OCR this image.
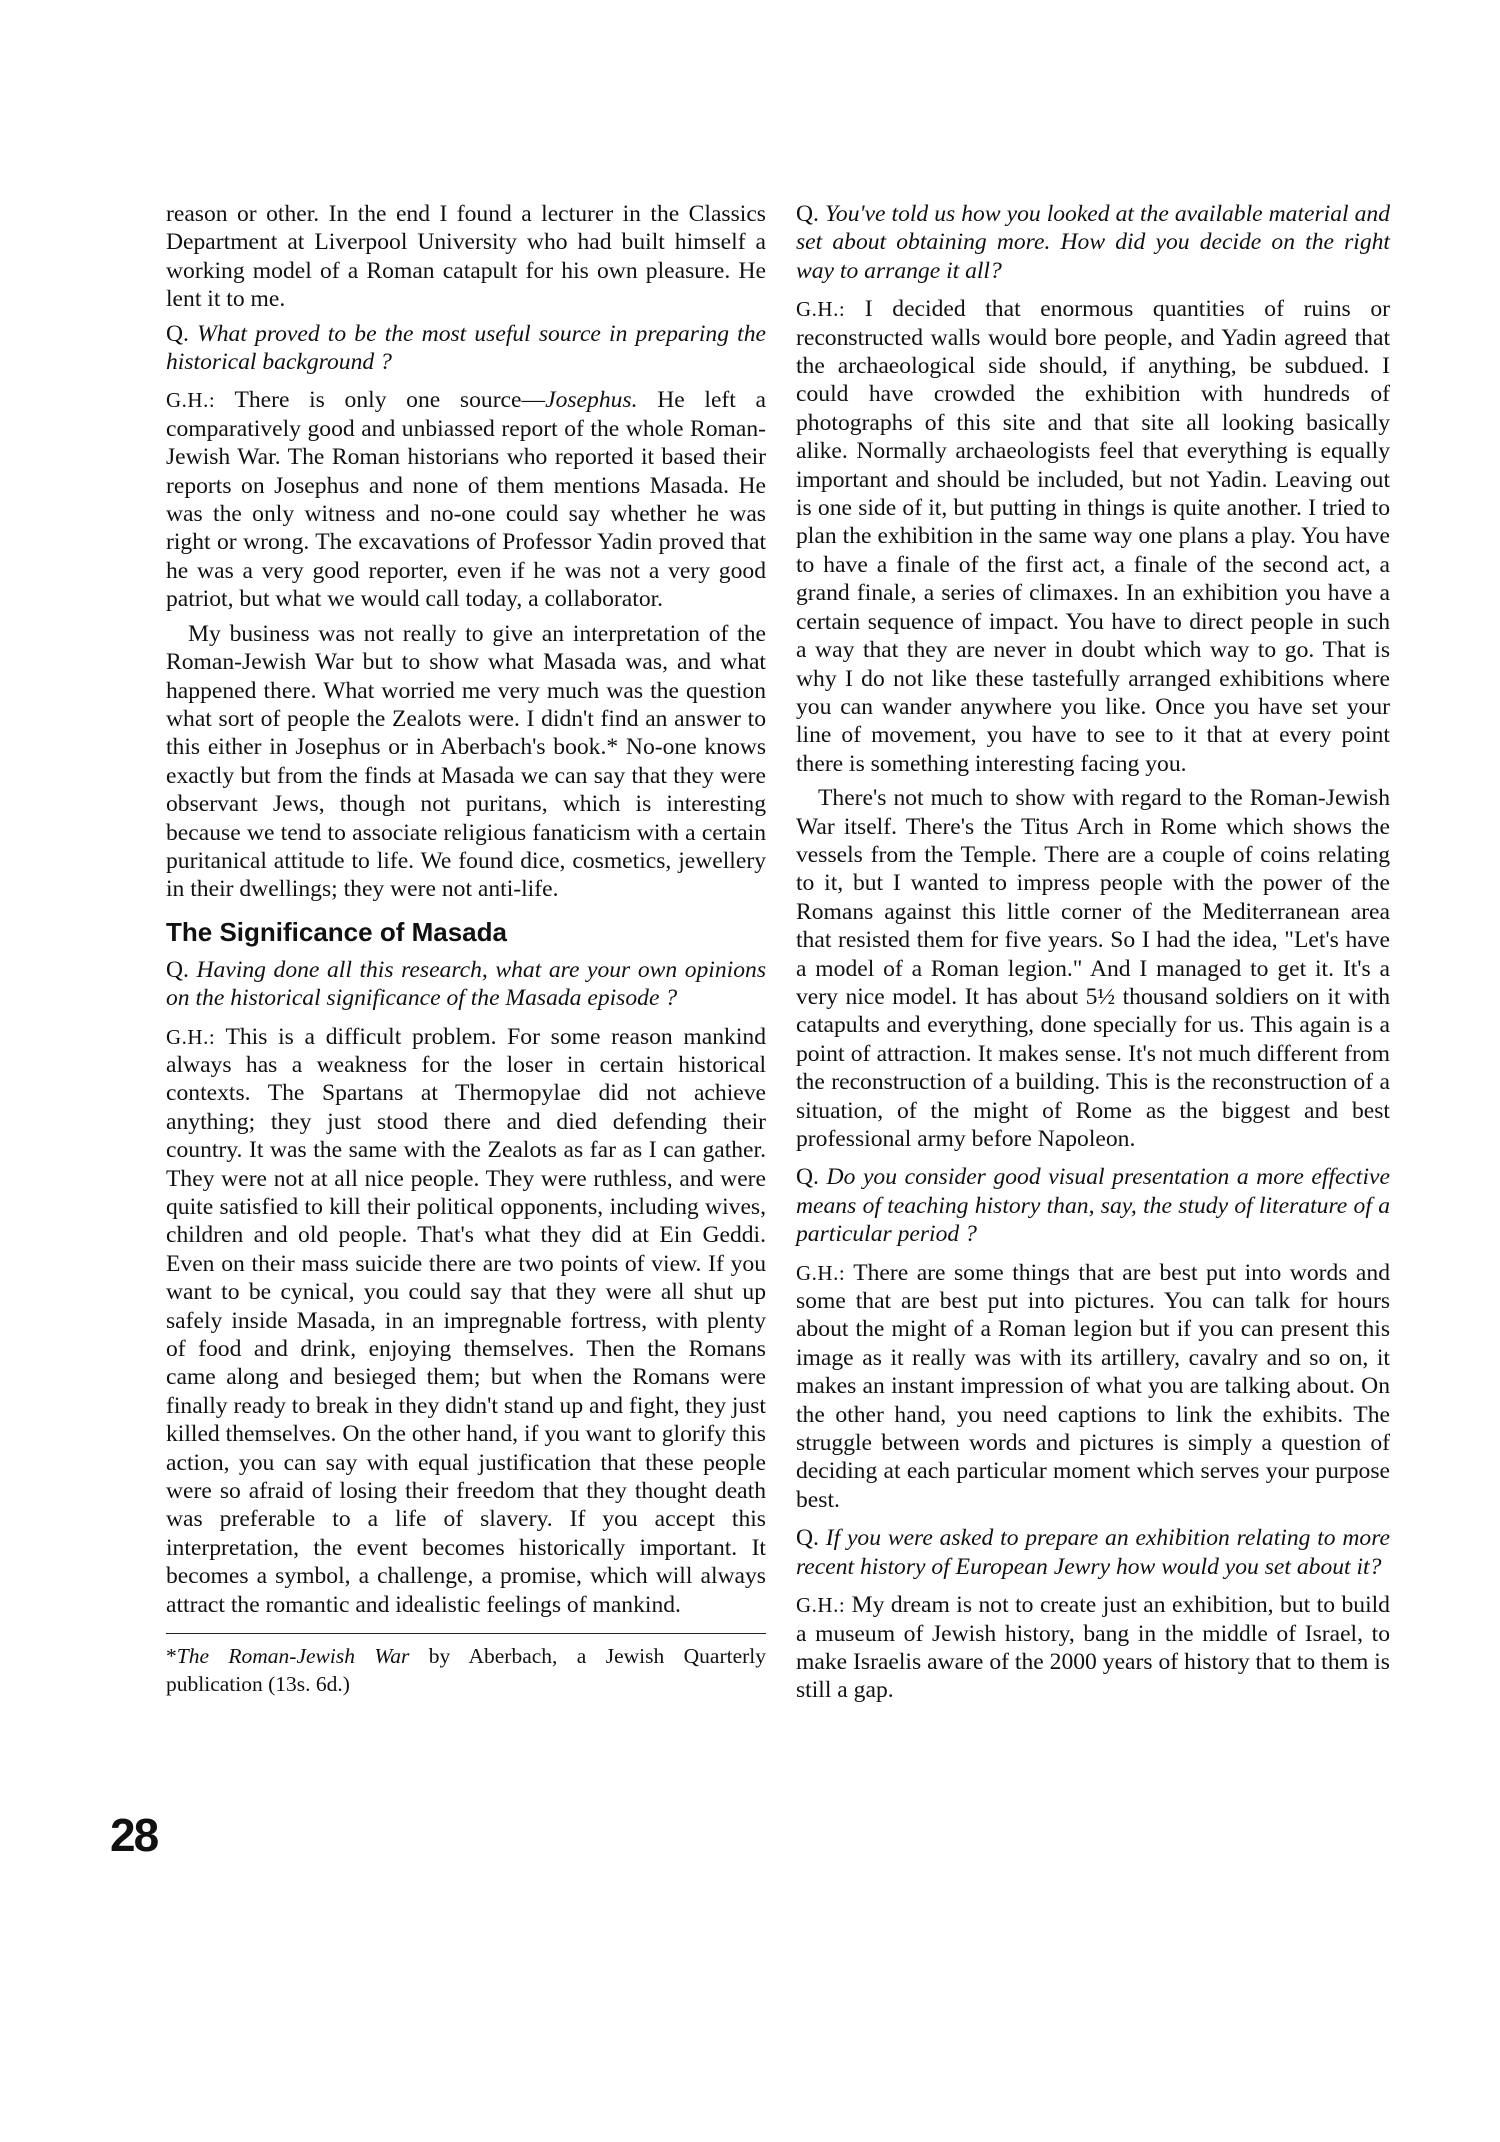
28

reason or other. In the end I found a lecturer in the Classics Department at Liverpool University who had built himself a working model of a Roman catapult for his own pleasure. He lent it to me.

Q. What proved to be the most useful source in preparing the historical background ?

G.H.: There is only one source—Josephus. He left a comparatively good and unbiassed report of the whole Roman-Jewish War. The Roman historians who reported it based their reports on Josephus and none of them mentions Masada. He was the only witness and no-one could say whether he was right or wrong. The excavations of Professor Yadin proved that he was a very good reporter, even if he was not a very good patriot, but what we would call today, a collaborator.

My business was not really to give an interpretation of the Roman-Jewish War but to show what Masada was, and what happened there. What worried me very much was the question what sort of people the Zealots were. I didn't find an answer to this either in Josephus or in Aberbach's book.* No-one knows exactly but from the finds at Masada we can say that they were observant Jews, though not puritans, which is interesting because we tend to associate religious fanaticism with a certain puritanical attitude to life. We found dice, cosmetics, jewellery in their dwellings; they were not anti-life.

The Significance of Masada

Q. Having done all this research, what are your own opinions on the historical significance of the Masada episode ?

G.H.: This is a difficult problem. For some reason mankind always has a weakness for the loser in certain historical contexts. The Spartans at Thermopylae did not achieve anything; they just stood there and died defending their country. It was the same with the Zealots as far as I can gather. They were not at all nice people. They were ruthless, and were quite satisfied to kill their political opponents, including wives, children and old people. That's what they did at Ein Geddi. Even on their mass suicide there are two points of view. If you want to be cynical, you could say that they were all shut up safely inside Masada, in an impregnable fortress, with plenty of food and drink, enjoying themselves. Then the Romans came along and besieged them; but when the Romans were finally ready to break in they didn't stand up and fight, they just killed themselves. On the other hand, if you want to glorify this action, you can say with equal justification that these people were so afraid of losing their freedom that they thought death was preferable to a life of slavery. If you accept this interpretation, the event becomes historically important. It becomes a symbol, a challenge, a promise, which will always attract the romantic and idealistic feelings of mankind.

*The Roman-Jewish War by Aberbach, a Jewish Quarterly publication (13s. 6d.)

Q. You've told us how you looked at the available material and set about obtaining more. How did you decide on the right way to arrange it all?

G.H.: I decided that enormous quantities of ruins or reconstructed walls would bore people, and Yadin agreed that the archaeological side should, if anything, be subdued. I could have crowded the exhibition with hundreds of photographs of this site and that site all looking basically alike. Normally archaeologists feel that everything is equally important and should be included, but not Yadin. Leaving out is one side of it, but putting in things is quite another. I tried to plan the exhibition in the same way one plans a play. You have to have a finale of the first act, a finale of the second act, a grand finale, a series of climaxes. In an exhibition you have a certain sequence of impact. You have to direct people in such a way that they are never in doubt which way to go. That is why I do not like these tastefully arranged exhibitions where you can wander anywhere you like. Once you have set your line of movement, you have to see to it that at every point there is something interesting facing you.

There's not much to show with regard to the Roman-Jewish War itself. There's the Titus Arch in Rome which shows the vessels from the Temple. There are a couple of coins relating to it, but I wanted to impress people with the power of the Romans against this little corner of the Mediterranean area that resisted them for five years. So I had the idea, "Let's have a model of a Roman legion." And I managed to get it. It's a very nice model. It has about 5½ thousand soldiers on it with catapults and everything, done specially for us. This again is a point of attraction. It makes sense. It's not much different from the reconstruction of a building. This is the reconstruction of a situation, of the might of Rome as the biggest and best professional army before Napoleon.

Q. Do you consider good visual presentation a more effective means of teaching history than, say, the study of literature of a particular period ?

G.H.: There are some things that are best put into words and some that are best put into pictures. You can talk for hours about the might of a Roman legion but if you can present this image as it really was with its artillery, cavalry and so on, it makes an instant impression of what you are talking about. On the other hand, you need captions to link the exhibits. The struggle between words and pictures is simply a question of deciding at each particular moment which serves your purpose best.

Q. If you were asked to prepare an exhibition relating to more recent history of European Jewry how would you set about it?

G.H.: My dream is not to create just an exhibition, but to build a museum of Jewish history, bang in the middle of Israel, to make Israelis aware of the 2000 years of history that to them is still a gap.
